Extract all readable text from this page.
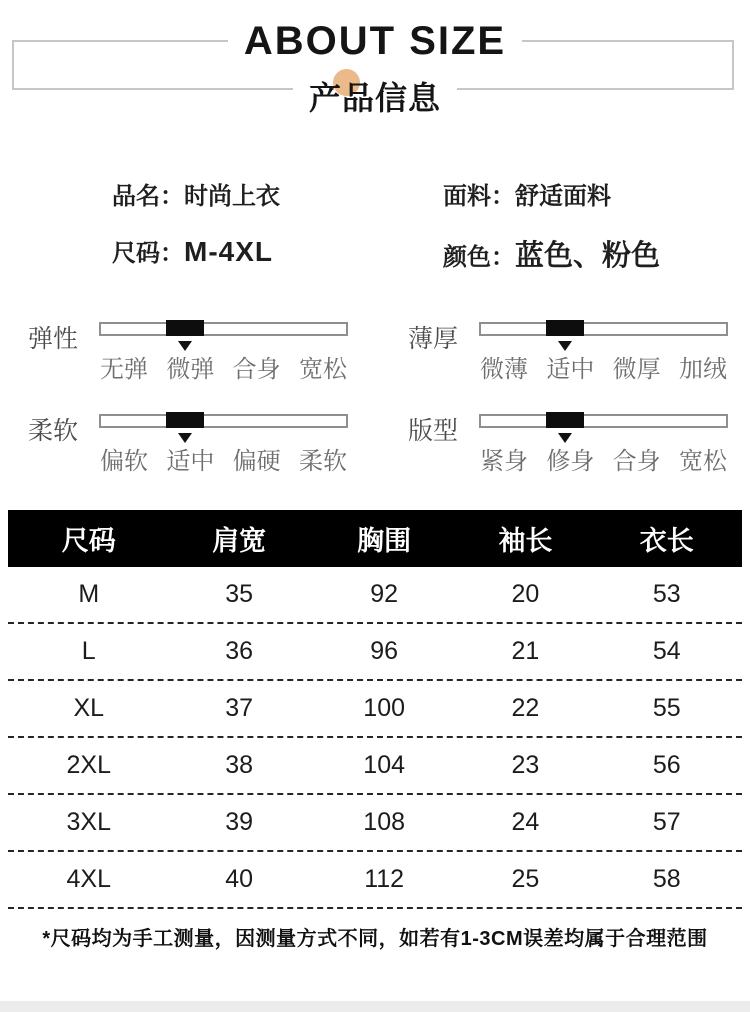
ABOUT SIZE
产品信息
品名：时尚上衣	面料：舒适面料
尺码：M-4XL	颜色：蓝色、粉色
弹性
无弹 微弹 合身 宽松
薄厚
微薄 适中 微厚 加绒
柔软
偏软 适中 偏硬 柔软
版型
紧身 修身 合身 宽松
尺码	肩宽	胸围	袖长	衣长
M	35	92	20	53
L	36	96	21	54
XL	37	100	22	55
2XL	38	104	23	56
3XL	39	108	24	57
4XL	40	112	25	58
*尺码均为手工测量，因测量方式不同，如若有1-3CM误差均属于合理范围
